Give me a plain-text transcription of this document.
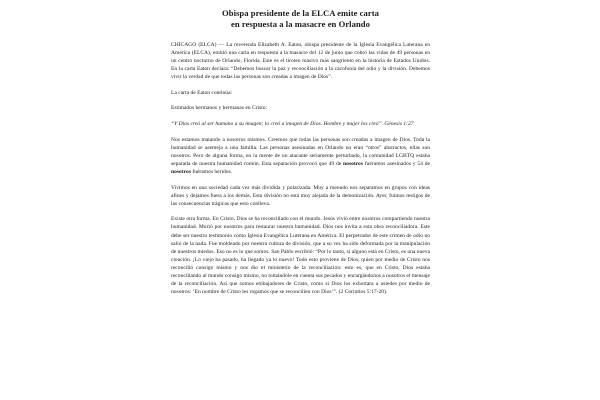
Obispa presidente de la ELCA emite carta
en respuesta a la masacre en Orlando

CHICAGO (ELCA) — La reverenda Elizabeth A. Eaton, obispa presidente de la Iglesia Evangélica Luterana en América (ELCA), emitió una carta en respuesta a la masacre del 12 de junio que cobró las vidas de 49 personas en un centro nocturno de Orlando, Florida. Este es el tiroteo masivo más sangriento en la historia de Estados Unidos. En la carta Eaton declara: “Debemos buscar la paz y reconciliación a la cacofonía del odio y la división. Debemos vivir la verdad de que todas las personas son creadas a imagen de Dios”.

La carta de Eaton continúa:

Estimados hermanos y hermanas en Cristo:

“Y Dios creó al ser humano a su imagen; lo creó a imagen de Dios. Hombre y mujer los creó”. Génesis 1:27

Nos estamos matando a nosotros mismos. Creemos que todas las personas son creadas a imagen de Dios. Toda la humanidad se asemeja a una familia. Las personas asesinadas en Orlando no eran “otros” abstractos, ellas son nosotros. Pero de alguna forma, en la mente de un atacante seriamente perturbado, la comunidad LGBTQ estaba separada de nuestra humanidad común. Esta separación provocó que 49 de nosotros fuéramos asesinados y 54 de nosotros fuéramos heridos.

Vivimos en una sociedad cada vez más dividida y polarizada. Muy a menudo nos separamos en grupos con ideas afines y dejamos fuera a los demás. Esta división no está muy alejada de la demonización. Ayer, fuimos testigos de las consecuencias trágicas que esto conlleva.

Existe otra forma. En Cristo, Dios se ha reconciliado con el mundo. Jesús vivió entre nosotros compartiendo nuestra humanidad. Murió por nosotros para restaurar nuestra humanidad. Dios nos invita a esta obra reconciliadora. Este debe ser nuestro testimonio como Iglesia Evangélica Luterana en América. El perpetrador de este crimen de odio no salió de la nada. Fue moldeado por nuestra cultura de división, que a su vez ha sido deformada por la manipulación de nuestros miedos. Eso no es lo que somos. San Pablo escribió: “Por lo tanto, si alguno está en Cristo, es una nueva creación. ¡Lo viejo ha pasado, ha llegado ya lo nuevo! Todo esto proviene de Dios, quien por medio de Cristo nos reconcilió consigo mismo y nos dio el ministerio de la reconciliación: esto es, que en Cristo, Dios estaba reconciliando al mundo consigo mismo, no tomándole en cuenta sus pecados y encargándonos a nosotros el mensaje de la reconciliación. Así que somos embajadores de Cristo, como si Dios los exhortara a ustedes por medio de nosotros: ‘En nombre de Cristo les rogamos que se reconcilien con Dios’”. (2 Corintios 5:17-20).
